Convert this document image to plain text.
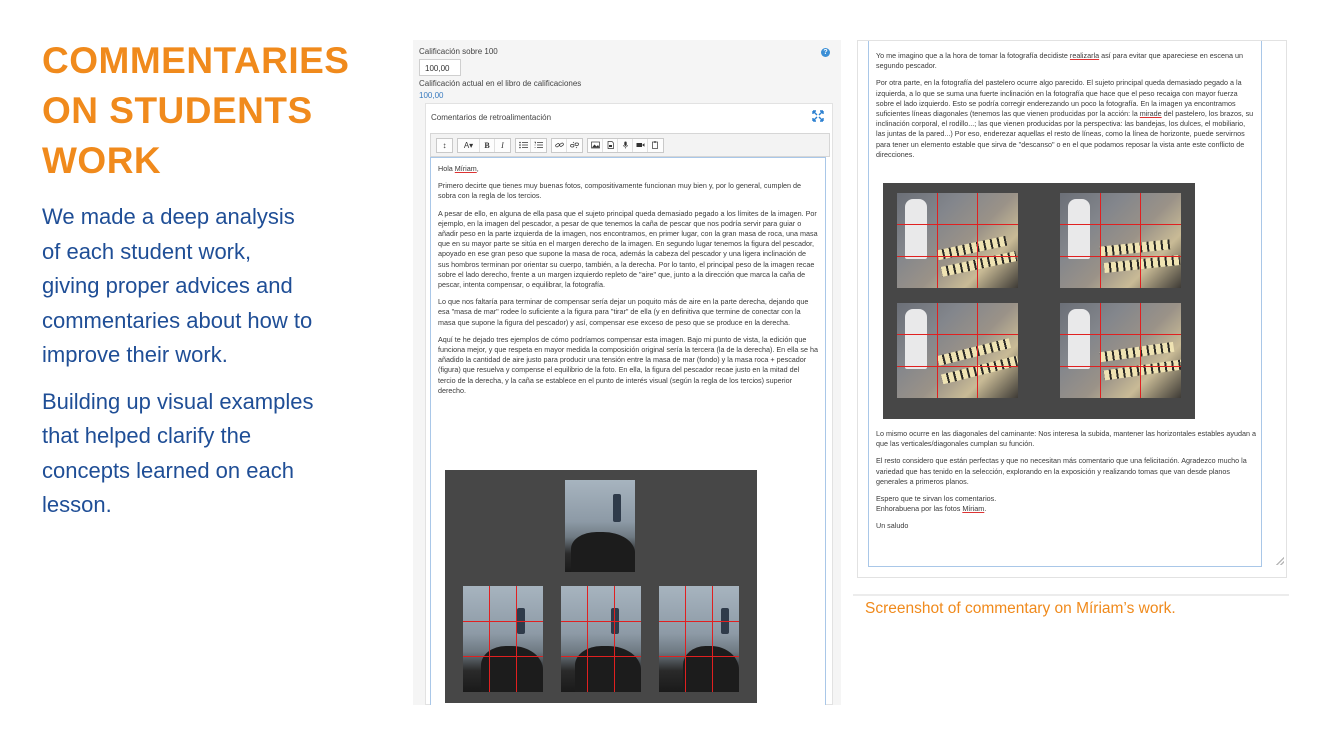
COMMENTARIES
ON STUDENTS
WORK
We made a deep analysis
of each student work,
giving proper advices and
commentaries about how to
improve their work.
Building up visual examples
that helped clarify the
concepts learned on each
lesson.
Calificación sobre 100	?
100,00
Calificación actual en el libro de calificaciones
100,00
Comentarios de retroalimentación
↕	A▾	B	I

Hola Míriam,

Primero decirte que tienes muy buenas fotos, compositivamente funcionan muy bien y, por lo general, cumplen de sobra con la regla de los tercios.

A pesar de ello, en alguna de ella pasa que el sujeto principal queda demasiado pegado a los límites de la imagen. Por ejemplo, en la imagen del pescador, a pesar de que tenemos la caña de pescar que nos podría servir para guiar o añadir peso en la parte izquierda de la imagen, nos encontramos, en primer lugar, con la gran masa de roca, una masa que en su mayor parte se sitúa en el margen derecho de la imagen. En segundo lugar tenemos la figura del pescador, apoyado en ese gran peso que supone la masa de roca, además la cabeza del pescador y una ligera inclinación de sus hombros terminan por orientar su cuerpo, también, a la derecha. Por lo tanto, el principal peso de la imagen recae sobre el lado derecho, frente a un margen izquierdo repleto de "aire" que, junto a la dirección que marca la caña de pescar, intenta compensar, o equilibrar, la fotografía.

Lo que nos faltaría para terminar de compensar sería dejar un poquito más de aire en la parte derecha, dejando que esa "masa de mar" rodee lo suficiente a la figura para "tirar" de ella (y en definitiva que termine de conectar con la masa que supone la figura del pescador) y así, compensar ese exceso de peso que se produce en la derecha.

Aquí te he dejado tres ejemplos de cómo podríamos compensar esta imagen. Bajo mi punto de vista, la edición que funciona mejor, y que respeta en mayor medida la composición original sería la tercera (la de la derecha). En ella se ha añadido la cantidad de aire justo para producir una tensión entre la masa de mar (fondo) y la masa roca + pescador (figura) que resuelva y compense el equilibrio de la foto. En ella, la figura del pescador recae justo en la mitad del tercio de la derecha, y la caña se establece en el punto de interés visual (según la regla de los tercios) superior derecho.

Yo me imagino que a la hora de tomar la fotografía decidiste realizarla así para evitar que apareciese en escena un segundo pescador.

Por otra parte, en la fotografía del pastelero ocurre algo parecido. El sujeto principal queda demasiado pegado a la izquierda, a lo que se suma una fuerte inclinación en la fotografía que hace que el peso recaiga con mayor fuerza sobre el lado izquierdo. Esto se podría corregir enderezando un poco la fotografía. En la imagen ya encontramos suficientes líneas diagonales (tenemos las que vienen producidas por la acción: la mirade del pastelero, los brazos, su inclinación corporal, el rodillo...; las que vienen producidas por la perspectiva: las bandejas, los dulces, el mobiliario, las juntas de la pared...) Por eso, enderezar aquellas el resto de líneas, como la línea de horizonte, puede servirnos para tener un elemento estable que sirva de "descanso" o en el que podamos reposar la vista ante este conflicto de direcciones.

Lo mismo ocurre en las diagonales del caminante: Nos interesa la subida, mantener las horizontales estables ayudan a que las verticales/diagonales cumplan su función.

El resto considero que están perfectas y que no necesitan más comentario que una felicitación. Agradezco mucho la variedad que has tenido en la selección, explorando en la exposición y realizando tomas que van desde planos generales a primeros planos.

Espero que te sirvan los comentarios.

Enhorabuena por las fotos Míriam.

Un saludo

Screenshot of commentary on Míriam’s work.
